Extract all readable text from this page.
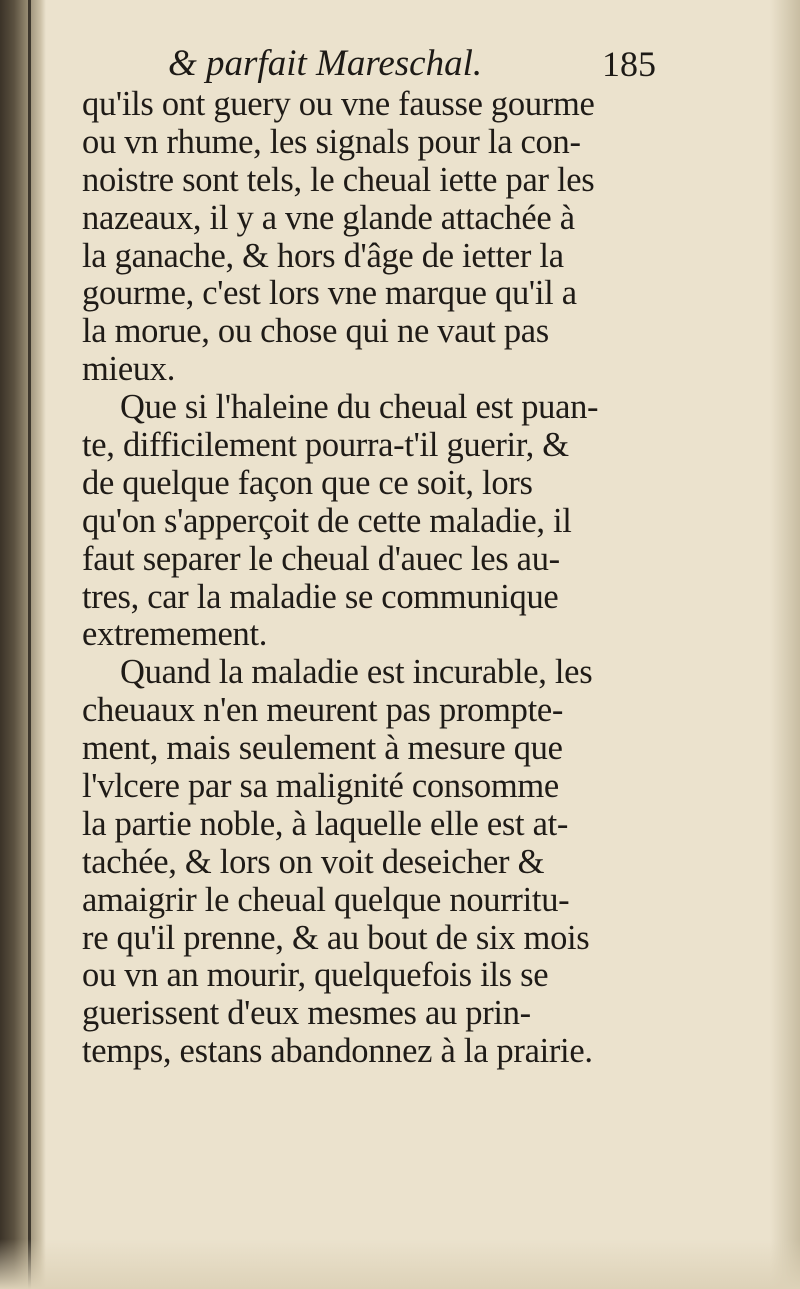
& parfait Mareschal.	185
qu'ils ont guery ou vne fausse gourme
ou vn rhume, les signals pour la con-
noistre sont tels, le cheual iette par les
nazeaux, il y a vne glande attachée à
la ganache, & hors d'âge de ietter la
gourme, c'est lors vne marque qu'il a
la morue, ou chose qui ne vaut pas
mieux.
Que si l'haleine du cheual est puan-
te, difficilement pourra-t'il guerir, &
de quelque façon que ce soit, lors
qu'on s'apperçoit de cette maladie, il
faut separer le cheual d'auec les au-
tres, car la maladie se communique
extremement.
Quand la maladie est incurable, les
cheuaux n'en meurent pas prompte-
ment, mais seulement à mesure que
l'vlcere par sa malignité consomme
la partie noble, à laquelle elle est at-
tachée, & lors on voit deseicher &
amaigrir le cheual quelque nourritu-
re qu'il prenne, & au bout de six mois
ou vn an mourir, quelquefois ils se
guerissent d'eux mesmes au prin-
temps, estans abandonnez à la prairie.
